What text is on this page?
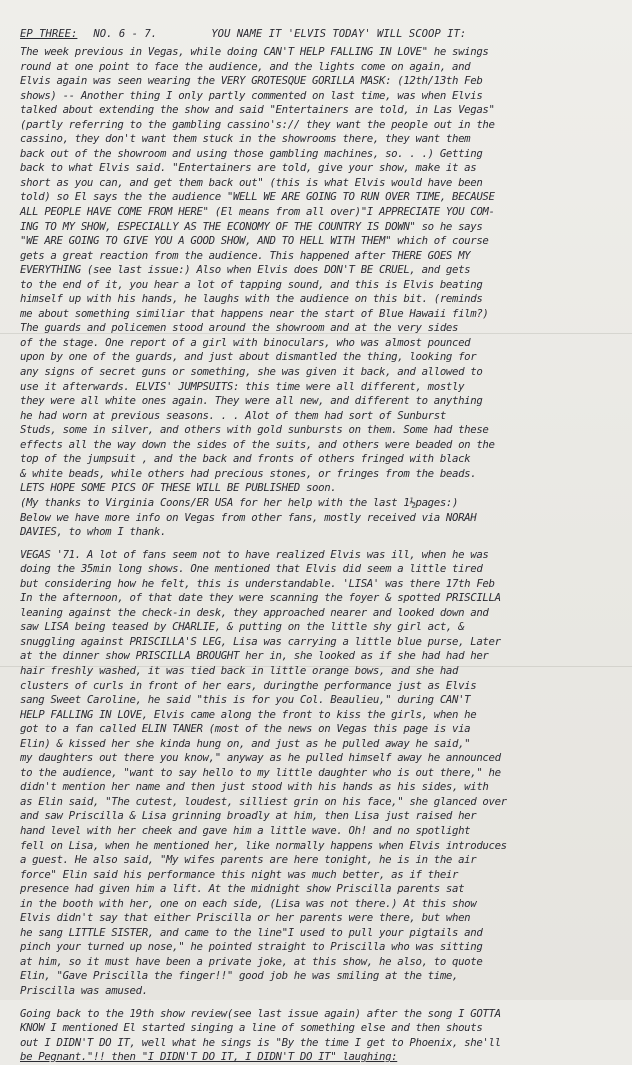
EP THREE: NO. 6 - 7.	YOU NAME IT 'ELVIS TODAY' WILL SCOOP IT:
The week previous in Vegas, while doing CAN'T HELP FALLING IN LOVE" he swings
round at one point to face the audience, and the lights come on again, and
Elvis again was seen wearing the VERY GROTESQUE GORILLA MASK: (12th/13th Feb
shows) -- Another thing I only partly commented on last time, was when Elvis
talked about extending the show and said "Entertainers are told, in Las Vegas"
(partly referring to the gambling cassino's:// they want the people out in the
cassino, they don't want them stuck in the showrooms there, they want them
back out of the showroom and using those gambling machines, so. . .) Getting
back to what Elvis said. "Entertainers are told, give your show, make it as
short as you can, and get them back out" (this is what Elvis would have been
told) so El says the the audience "WELL WE ARE GOING TO RUN OVER TIME, BECAUSE
ALL PEOPLE HAVE COME FROM HERE" (El means from all over)"I APPRECIATE YOU COM-
ING TO MY SHOW, ESPECIALLY AS THE ECONOMY OF THE COUNTRY IS DOWN" so he says
"WE ARE GOING TO GIVE YOU A GOOD SHOW, AND TO HELL WITH THEM" which of course
gets a great reaction from the audience. This happened after THERE GOES MY
EVERYTHING (see last issue:) Also when Elvis does DON'T BE CRUEL, and gets
to the end of it, you hear a lot of tapping sound, and this is Elvis beating
himself up with his hands, he laughs with the audience on this bit. (reminds
me about something similiar that happens near the start of Blue Hawaii film?)
The guards and policemen stood around the showroom and at the very sides
of the stage. One report of a girl with binoculars, who was almost pounced
upon by one of the guards, and just about dismantled the thing, looking for
any signs of secret guns or something, she was given it back, and allowed to
use it afterwards. ELVIS' JUMPSUITS: this time were all different, mostly
they were all white ones again. They were all new, and different to anything
he had worn at previous seasons. . . Alot of them had sort of Sunburst
Studs, some in silver, and others with gold sunbursts on them. Some had these
effects all the way down the sides of the suits, and others were beaded on the
top of the jumpsuit , and the back and fronts of others fringed with black
& white beads, while others had precious stones, or fringes from the beads.
LETS HOPE SOME PICS OF THESE WILL BE PUBLISHED soon.
(My thanks to Virginia Coons/ER USA for her help with the last 1½pages:)
Below we have more info on Vegas from other fans, mostly received via NORAH
DAVIES, to whom I thank.
VEGAS '71. A lot of fans seem not to have realized Elvis was ill, when he was
doing the 35min long shows. One mentioned that Elvis did seem a little tired
but considering how he felt, this is understandable. 'LISA' was there 17th Feb
In the afternoon, of that date they were scanning the foyer & spotted PRISCILLA
leaning against the check-in desk, they approached nearer and looked down and
saw LISA being teased by CHARLIE, & putting on the little shy girl act, &
snuggling against PRISCILLA'S LEG, Lisa was carrying a little blue purse, Later
at the dinner show PRISCILLA BROUGHT her in, she looked as if she had had her
hair freshly washed, it was tied back in little orange bows, and she had
clusters of curls in front of her ears, duringthe performance just as Elvis
sang Sweet Caroline, he said "this is for you Col. Beaulieu," during CAN'T
HELP FALLING IN LOVE, Elvis came along the front to kiss the girls, when he
got to a fan called ELIN TANER (most of the news on Vegas this page is via
Elin) & kissed her she kinda hung on, and just as he pulled away he said,"
my daughters out there you know," anyway as he pulled himself away he announced
to the audience, "want to say hello to my little daughter who is out there," he
didn't mention her name and then just stood with his hands as his sides, with
as Elin said, "The cutest, loudest, silliest grin on his face," she glanced over
and saw Priscilla & Lisa grinning broadly at him, then Lisa just raised her
hand level with her cheek and gave him a little wave. Oh! and no spotlight
fell on Lisa, when he mentioned her, like normally happens when Elvis introduces
a guest. He also said, "My wifes parents are here tonight, he is in the air
force" Elin said his performance this night was much better, as if their
presence had given him a lift. At the midnight show Priscilla parents sat
in the booth with her, one on each side, (Lisa was not there.) At this show
Elvis didn't say that either Priscilla or her parents were there, but when
he sang LITTLE SISTER, and came to the line"I used to pull your pigtails and
pinch your turned up nose," he pointed straight to Priscilla who was sitting
at him, so it must have been a private joke, at this show, he also, to quote
Elin, "Gave Priscilla the finger!!" good job he was smiling at the time,
Priscilla was amused.
Going back to the 19th show review(see last issue again) after the song I GOTTA
KNOW I mentioned El started singing a line of something else and then shouts
out I DIDN'T DO IT, well what he sings is "By the time I get to Phoenix, she'll
be Pegnant."!! then "I DIDN'T DO IT, I DIDN'T DO IT" laughing:
